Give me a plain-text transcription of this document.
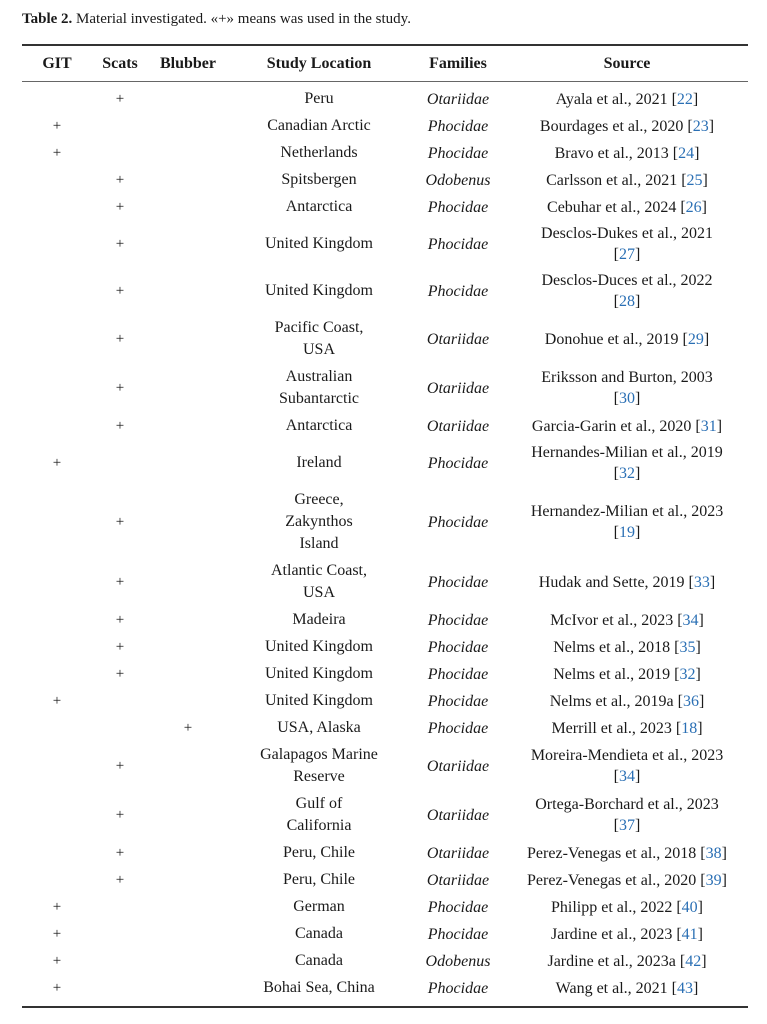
Table 2. Material investigated. «+» means was used in the study.
GIT	Scats	Blubber	Study Location	Families	Source
	+		Peru	Otariidae	Ayala et al., 2021 [22]

+			Canadian Arctic	Phocidae	Bourdages et al., 2020 [23]

+			Netherlands	Phocidae	Bravo et al., 2013 [24]

	+		Spitsbergen	Odobenus	Carlsson et al., 2021 [25]

	+		Antarctica	Phocidae	Cebuhar et al., 2024 [26]

	+		United Kingdom	Phocidae	Desclos-Dukes et al., 2021 [27]

	+		United Kingdom	Phocidae	Desclos-Duces et al., 2022 [28]

	+		Pacific Coast, USA	Otariidae	Donohue et al., 2019 [29]

	+		Australian Subantarctic	Otariidae	Eriksson and Burton, 2003 [30]

	+		Antarctica	Otariidae	Garcia-Garin et al., 2020 [31]

+			Ireland	Phocidae	Hernandes-Milian et al., 2019 [32]

	+		Greece, Zakynthos Island	Phocidae	Hernandez-Milian et al., 2023 [19]

	+		Atlantic Coast, USA	Phocidae	Hudak and Sette, 2019 [33]

	+		Madeira	Phocidae	McIvor et al., 2023 [34]

	+		United Kingdom	Phocidae	Nelms et al., 2018 [35]

	+		United Kingdom	Phocidae	Nelms et al., 2019 [32]

+			United Kingdom	Phocidae	Nelms et al., 2019a [36]

		+	USA, Alaska	Phocidae	Merrill et al., 2023 [18]

	+		Galapagos Marine Reserve	Otariidae	Moreira-Mendieta et al., 2023 [34]

	+		Gulf of California	Otariidae	Ortega-Borchard et al., 2023 [37]

	+		Peru, Chile	Otariidae	Perez-Venegas et al., 2018 [38]

	+		Peru, Chile	Otariidae	Perez-Venegas et al., 2020 [39]

+			German	Phocidae	Philipp et al., 2022 [40]

+			Canada	Phocidae	Jardine et al., 2023 [41]

+			Canada	Odobenus	Jardine et al., 2023a [42]

+			Bohai Sea, China	Phocidae	Wang et al., 2021 [43]
